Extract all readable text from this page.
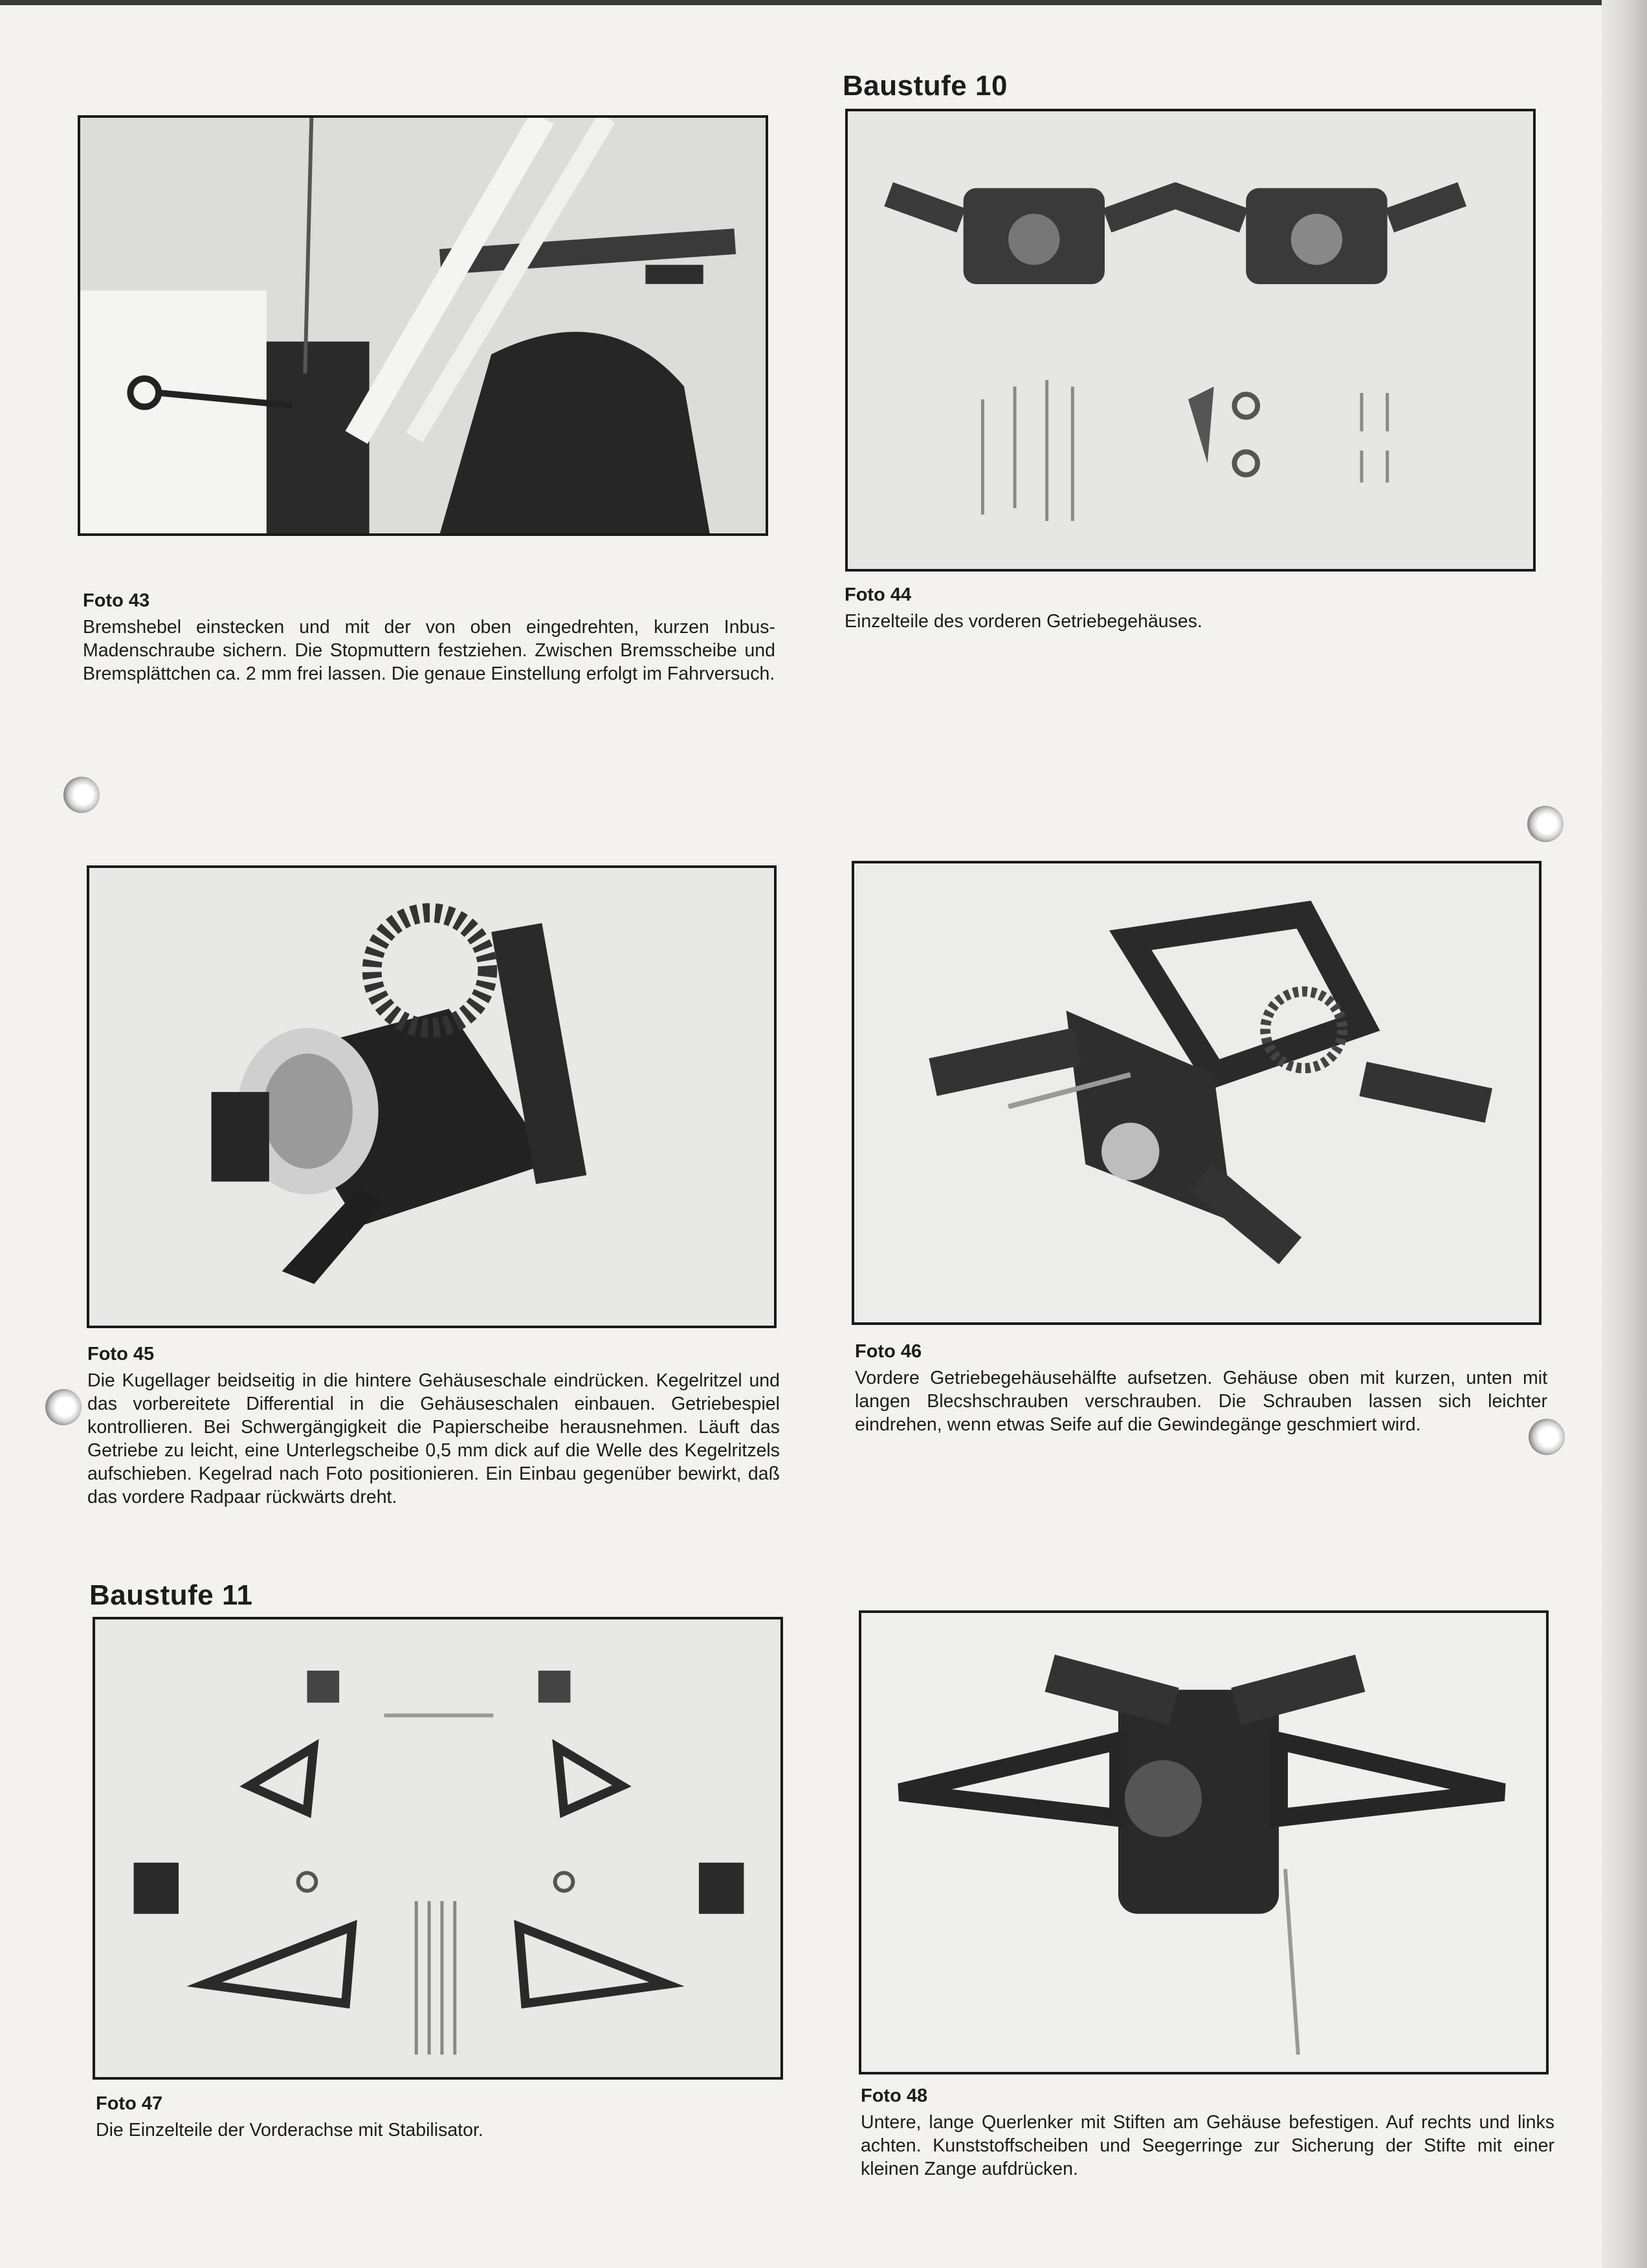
Baustufe 10
Baustufe 11

Foto 43

Bremshebel einstecken und mit der von oben eingedrehten, kurzen Inbus-Madenschraube sichern. Die Stopmuttern festziehen. Zwischen Bremsscheibe und Bremsplättchen ca. 2 mm frei lassen. Die genaue Einstellung erfolgt im Fahrversuch.

Foto 44

Einzelteile des vorderen Getriebegehäuses.

Foto 45

Die Kugellager beidseitig in die hintere Gehäuseschale eindrücken. Kegelritzel und das vorbereitete Differential in die Gehäuseschalen einbauen. Getriebespiel kontrollieren. Bei Schwergängigkeit die Papierscheibe herausnehmen. Läuft das Getriebe zu leicht, eine Unterlegscheibe 0,5 mm dick auf die Welle des Kegelritzels aufschieben. Kegelrad nach Foto positionieren. Ein Einbau gegenüber bewirkt, daß das vordere Radpaar rückwärts dreht.

Foto 46

Vordere Getriebegehäusehälfte aufsetzen. Gehäuse oben mit kurzen, unten mit langen Blecshschrauben verschrauben. Die Schrauben lassen sich leichter eindrehen, wenn etwas Seife auf die Gewindegänge geschmiert wird.

Foto 47

Die Einzelteile der Vorderachse mit Stabilisator.

Foto 48

Untere, lange Querlenker mit Stiften am Gehäuse befestigen. Auf rechts und links achten. Kunststoffscheiben und Seegerringe zur Sicherung der Stifte mit einer kleinen Zange aufdrücken.
